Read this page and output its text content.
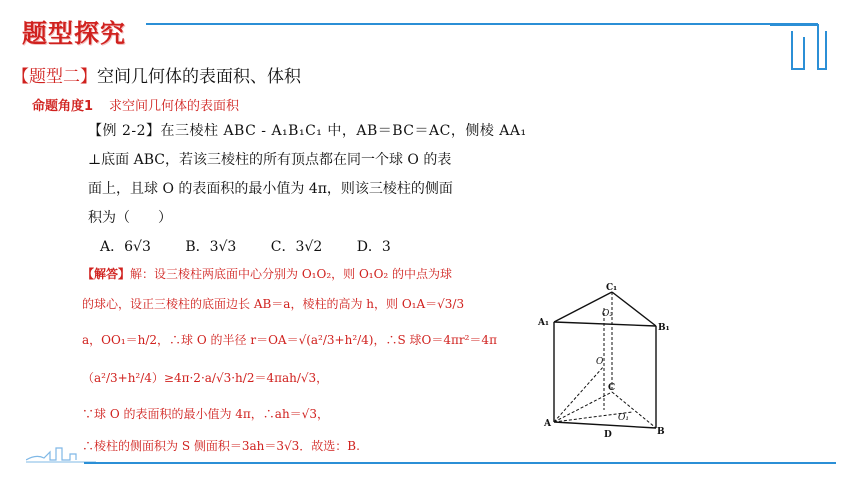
题型探究
【题型二】空间几何体的表面积、体积
命题角度1 求空间几何体的表面积
【例 2-2】在三棱柱 ABC - A₁B₁C₁ 中，AB＝BC＝AC，侧棱 AA₁
⊥底面 ABC，若该三棱柱的所有顶点都在同一个球 O 的表
面上，且球 O 的表面积的最小值为 4π，则该三棱柱的侧面
积为（　　）
A．6√3 B．3√3 C．3√2 D．3
【解答】解：设三棱柱两底面中心分别为 O₁O₂，则 O₁O₂ 的中点为球
的球心，设正三棱柱的底面边长 AB＝a，棱柱的高为 h，则 O₁A＝√3/3
a，OO₁＝h/2，∴球 O 的半径 r＝OA＝√(a²/3+h²/4)，∴S 球O＝4πr²＝4π
（a²/3+h²/4）≥4π·2·a/√3·h/2＝4πah/√3，
∵球 O 的表面积的最小值为 4π，∴ah＝√3，
∴棱柱的侧面积为 S 侧面积＝3ah＝3√3．故选：B.
A₁
C₁
B₁
O₂
O
C
O₁
A
B
D
